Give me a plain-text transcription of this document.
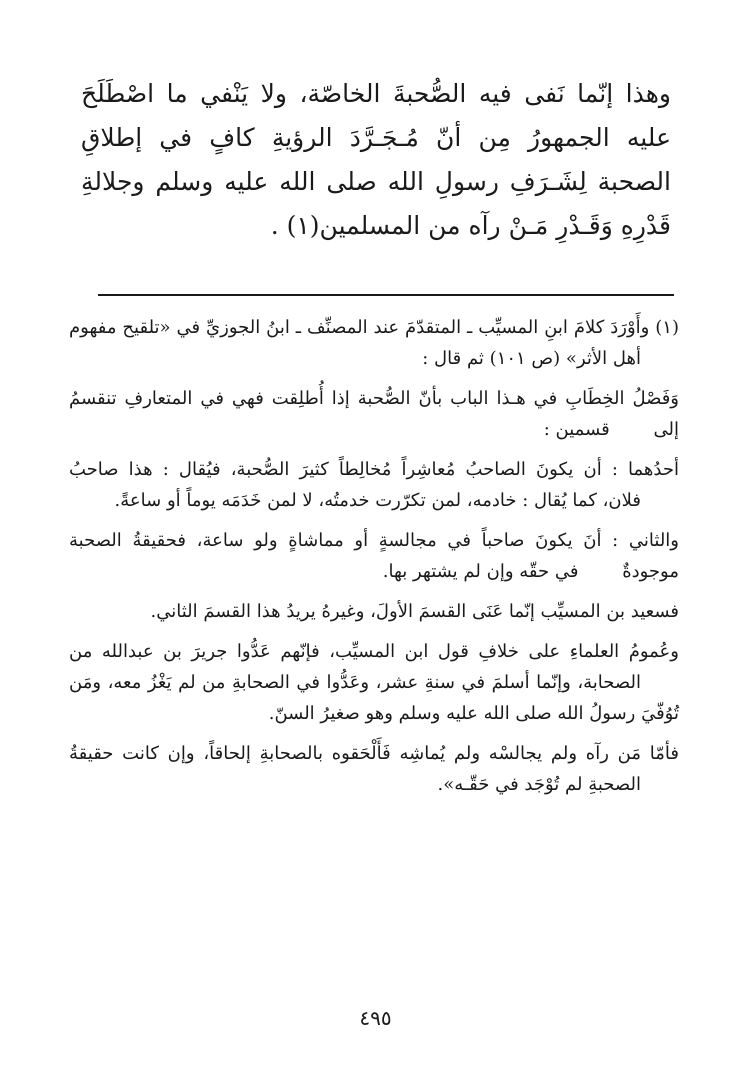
وهذا إنّما نَفى فيه الصُّحبةَ الخاصّة، ولا يَنْفي ما اصْطَلَحَ عليه الجمهورُ مِن أنّ مُـجَـرَّدَ الرؤيةِ كافٍ في إطلاقِ الصحبة لِشَـرَفِ رسولِ الله صلى الله عليه وسلم وجلالةِ قَدْرِهِ وَقَـدْرِ مَـنْ رآه من المسلمين(١) .

(١) وأَوْرَدَ كلامَ ابنِ المسيِّب ـ المتقدّمَ عند المصنِّف ـ ابنُ الجوزيِّ في «تلقيح مفهوم أهل الأثر» (ص ١٠١) ثم قال :
وَفَصْلُ الخِطَابِ في هـذا الباب بأنّ الصُّحبة إذا أُطلِقت فهي في المتعارفِ تنقسمُ إلى قسمين :
أحدُهما : أن يكونَ الصاحبُ مُعاشِراً مُخالِطاً كثيرَ الصُّحبة، فيُقال : هذا صاحبُ فلان، كما يُقال : خادمه، لمن تكرّرت خدمتُه، لا لمن خَدَمَه يوماً أو ساعةً.
والثاني : أنَ يكونَ صاحباً في مجالسةٍ أو مماشاةٍ ولو ساعة، فحقيقةُ الصحبة موجودةٌ في حقّه وإن لم يشتهر بها.
فسعيد بن المسيِّب إنّما عَنَى القسمَ الأولَ، وغيرهُ يريدُ هذا القسمَ الثاني.
وعُمومُ العلماءِ على خلافِ قول ابن المسيِّب، فإنّهم عَدُّوا جريرَ بن عبدالله من الصحابة، وإنّما أسلمَ في سنةِ عشر، وعَدُّوا في الصحابةِ من لم يَغْزُ معه، ومَن تُوُفّيَ رسولُ الله صلى الله عليه وسلم وهو صغيرُ السنّ.
فأمّا مَن رآه ولم يجالسْه ولم يُماشِه فَأَلْحَقوه بالصحابةِ إلحاقاً، وإن كانت حقيقةُ الصحبةِ لم تُوْجَد في حَقّـه».
٤٩٥
